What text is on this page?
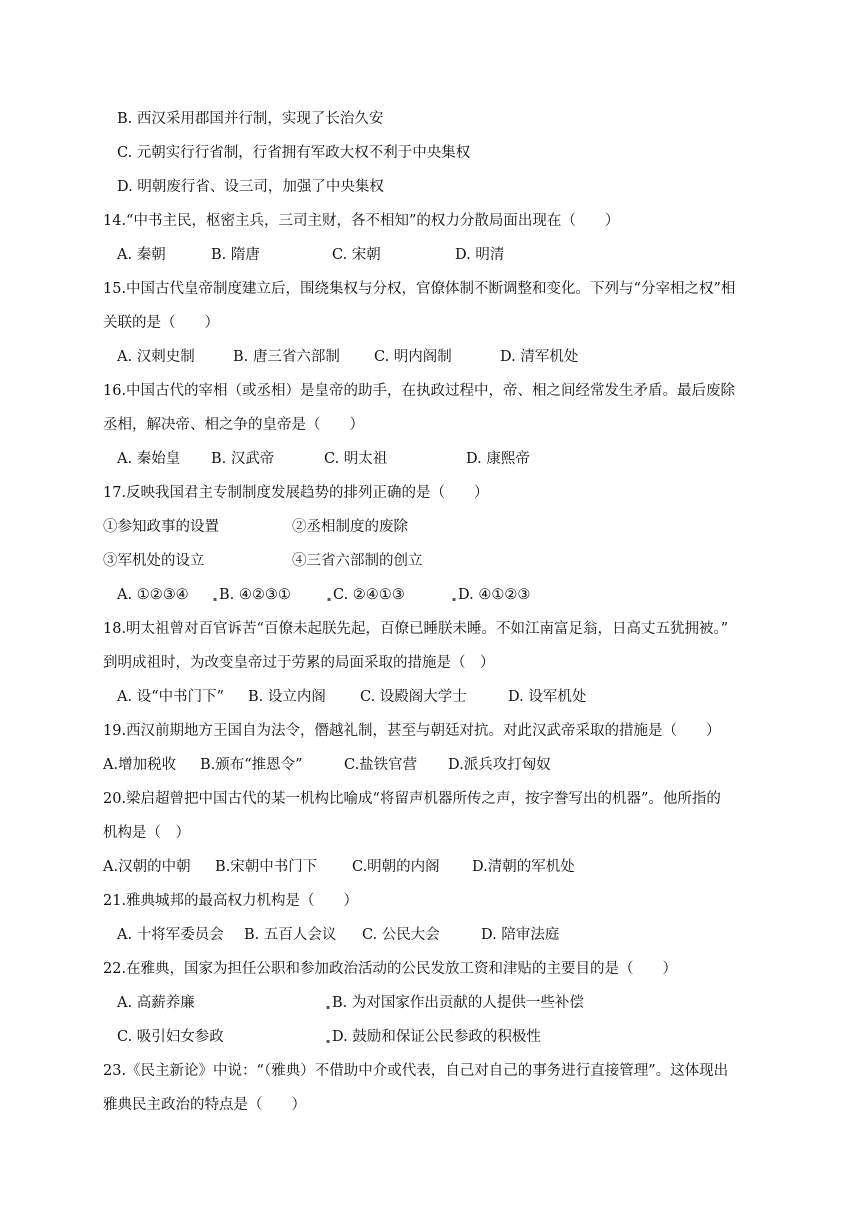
B. 西汉采用郡国并行制，实现了长治久安
C. 元朝实行行省制，行省拥有军政大权不利于中央集权
D. 明朝废行省、设三司，加强了中央集权
14.“中书主民，枢密主兵，三司主财，各不相知”的权力分散局面出现在（　　）
A. 秦朝	B. 隋唐	C. 宋朝	D. 明清
15.中国古代皇帝制度建立后，围绕集权与分权，官僚体制不断调整和变化。下列与“分宰相之权”相
关联的是（　　）
A. 汉刺史制	B. 唐三省六部制 C. 明内阁制	D. 清军机处
16.中国古代的宰相（或丞相）是皇帝的助手，在执政过程中，帝、相之间经常发生矛盾。最后废除
丞相，解决帝、相之争的皇帝是（　　）
A. 秦始皇 B. 汉武帝	C. 明太祖	D. 康熙帝
17.反映我国君主专制制度发展趋势的排列正确的是（　　）
①参知政事的设置	②丞相制度的废除
③军机处的设立	④三省六部制的创立
A. ①②③④	▪ B. ④②③①	▪ C. ②④①③	▪ D. ④①②③
18.明太祖曾对百官诉苦“百僚未起朕先起，百僚已睡朕未睡。不如江南富足翁，日高丈五犹拥被。”
到明成祖时，为改变皇帝过于劳累的局面采取的措施是（　）
A. 设“中书门下” B. 设立内阁 C. 设殿阁大学士	D. 设军机处
19.西汉前期地方王国自为法令，僭越礼制，甚至与朝廷对抗。对此汉武帝采取的措施是（　　）
A.增加税收 B.颁布“推恩令”	C.盐铁官营 D.派兵攻打匈奴
20.梁启超曾把中国古代的某一机构比喻成“将留声机器所传之声，按字誊写出的机器”。他所指的
机构是（　）
A.汉朝的中朝 B.宋朝中书门下 C.明朝的内阁 D.清朝的军机处
21.雅典城邦的最高权力机构是（　　）
A. 十将军委员会 B. 五百人会议 C. 公民大会	D. 陪审法庭
22.在雅典，国家为担任公职和参加政治活动的公民发放工资和津贴的主要目的是（　　）
A. 高薪养廉	▪ B. 为对国家作出贡献的人提供一些补偿
C. 吸引妇女参政	▪ D. 鼓励和保证公民参政的积极性
23.《民主新论》中说：“（雅典）不借助中介或代表，自己对自己的事务进行直接管理”。这体现出
雅典民主政治的特点是（　　）
